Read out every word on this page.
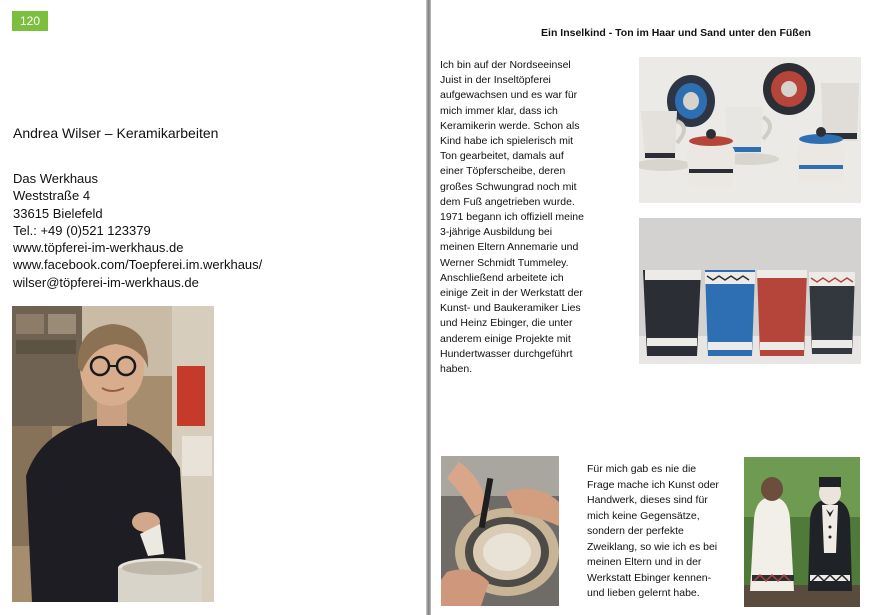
120
Andrea Wilser – Keramikarbeiten
Das Werkhaus
Weststraße 4
33615 Bielefeld
Tel.: +49 (0)521 123379
www.töpferei-im-werkhaus.de
www.facebook.com/Toepferei.im.werkhaus/
wilser@töpferei-im-werkhaus.de
Ein Inselkind - Ton im Haar und Sand unter den Füßen
Ich bin auf der Nordseeinsel
Juist in der Inseltöpferei
aufgewachsen und es war für
mich immer klar, dass ich
Keramikerin werde. Schon als
Kind habe ich spielerisch mit
Ton gearbeitet, damals auf
einer Töpferscheibe, deren
großes Schwungrad noch mit
dem Fuß angetrieben wurde.
1971 begann ich offiziell meine
3-jährige Ausbildung bei
meinen Eltern Annemarie und
Werner Schmidt Tummeley.
Anschließend arbeitete ich
einige Zeit in der Werkstatt der
Kunst- und Baukeramiker Lies
und Heinz Ebinger, die unter
anderem einige Projekte mit
Hundertwasser durchgeführt
haben.
Für mich gab es nie die
Frage mache ich Kunst oder
Handwerk, dieses sind für
mich keine Gegensätze,
sondern der perfekte
Zweiklang, so wie ich es bei
meinen Eltern und in der
Werkstatt Ebinger kennen-
und lieben gelernt habe.
